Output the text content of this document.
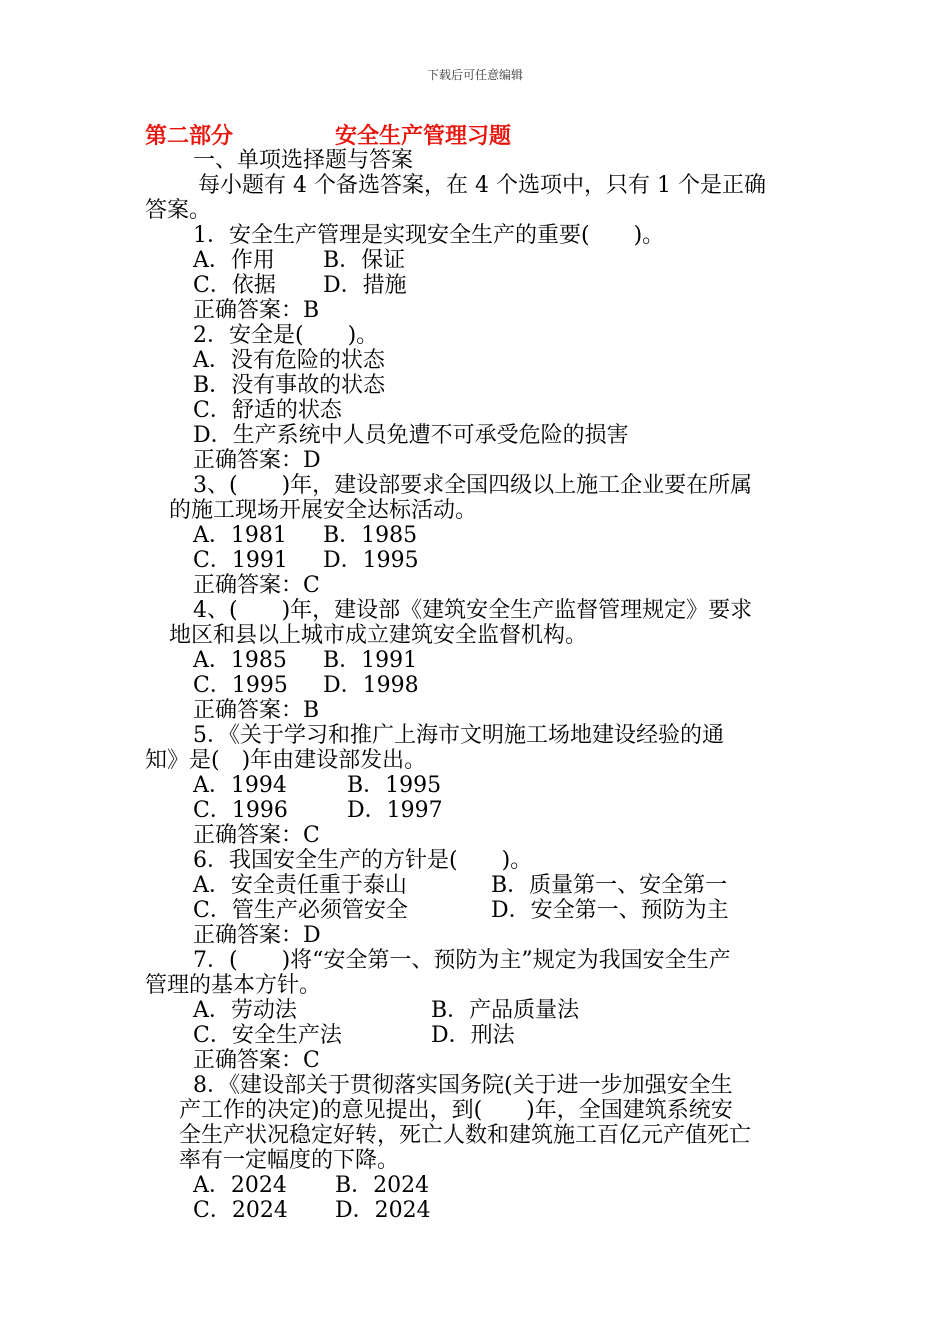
下载后可任意编辑
第二部分	安全生产管理习题
一、单项选择题与答案
每小题有 4 个备选答案，在 4 个选项中，只有 1 个是正确
答案。
1．安全生产管理是实现安全生产的重要(　　)。
A．作用 B．保证
C．依据 D．措施
正确答案：B
2．安全是(　　)。
A．没有危险的状态
B．没有事故的状态
C．舒适的状态
D．生产系统中人员免遭不可承受危险的损害
正确答案：D
3、(　　)年，建设部要求全国四级以上施工企业要在所属
的施工现场开展安全达标活动。
A．1981 B．1985
C．1991 D．1995
正确答案：C
4、(　　)年，建设部《建筑安全生产监督管理规定》要求
地区和县以上城市成立建筑安全监督机构。
A．1985 B．1991
C．1995 D．1998
正确答案：B
5．《关于学习和推广上海市文明施工场地建设经验的通
知》是(　)年由建设部发出。
A．1994	B．1995
C．1996	D．1997
正确答案：C
6．我国安全生产的方针是(　　)。
A．安全责任重于泰山	B．质量第一、安全第一
C．管生产必须管安全	D．安全第一、预防为主
正确答案：D
7．(　　)将“安全第一、预防为主”规定为我国安全生产
管理的基本方针。
A．劳动法	B．产品质量法
C．安全生产法	D．刑法
正确答案：C
8．《建设部关于贯彻落实国务院(关于进一步加强安全生
产工作的决定)的意见提出，到(　　)年，全国建筑系统安
全生产状况稳定好转，死亡人数和建筑施工百亿元产值死亡
率有一定幅度的下降。
A．2024 B．2024
C．2024 D．2024
